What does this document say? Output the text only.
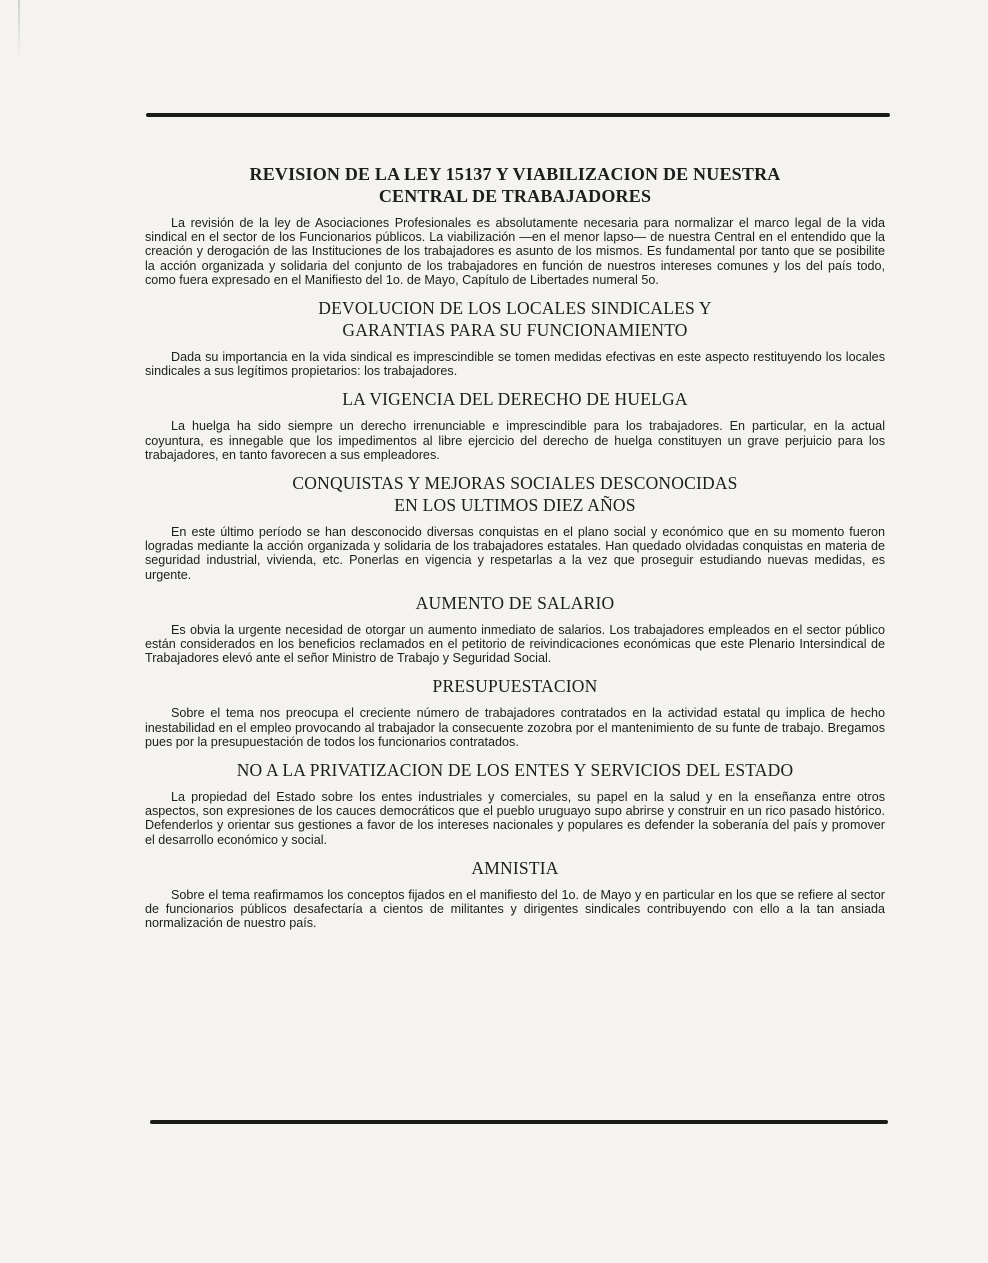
REVISION DE LA LEY 15137 Y VIABILIZACION DE NUESTRA
CENTRAL DE TRABAJADORES

La revisión de la ley de Asociaciones Profesionales es absolutamente necesaria para normalizar el marco legal de la vida sindical en el sector de los Funcionarios públicos. La viabilización —en el menor lapso— de nuestra Central en el entendido que la creación y derogación de las Instituciones de los trabajadores es asunto de los mismos. Es fundamental por tanto que se posibilite la acción organizada y solidaria del conjunto de los trabajadores en función de nuestros intereses comunes y los del país todo, como fuera expresado en el Manifiesto del 1o. de Mayo, Capítulo de Libertades numeral 5o.

DEVOLUCION DE LOS LOCALES SINDICALES Y
GARANTIAS PARA SU FUNCIONAMIENTO

Dada su importancia en la vida sindical es imprescindible se tomen medidas efectivas en este aspecto restituyendo los locales sindicales a sus legítimos propietarios: los trabajadores.

LA VIGENCIA DEL DERECHO DE HUELGA

La huelga ha sido siempre un derecho irrenunciable e imprescindible para los trabajadores. En particular, en la actual coyuntura, es innegable que los impedimentos al libre ejercicio del derecho de huelga constituyen un grave perjuicio para los trabajadores, en tanto favorecen a sus empleadores.

CONQUISTAS Y MEJORAS SOCIALES DESCONOCIDAS
EN LOS ULTIMOS DIEZ AÑOS

En este último período se han desconocido diversas conquistas en el plano social y económico que en su momento fueron logradas mediante la acción organizada y solidaria de los trabajadores estatales. Han quedado olvidadas conquistas en materia de seguridad industrial, vivienda, etc. Ponerlas en vigencia y respetarlas a la vez que proseguir estudiando nuevas medidas, es urgente.

AUMENTO DE SALARIO

Es obvia la urgente necesidad de otorgar un aumento inmediato de salarios. Los trabajadores empleados en el sector público están considerados en los beneficios reclamados en el petitorio de reivindicaciones económicas que este Plenario Intersindical de Trabajadores elevó ante el señor Ministro de Trabajo y Seguridad Social.

PRESUPUESTACION

Sobre el tema nos preocupa el creciente número de trabajadores contratados en la actividad estatal qu implica de hecho inestabilidad en el empleo provocando al trabajador la consecuente zozobra por el mantenimiento de su funte de trabajo. Bregamos pues por la presupuestación de todos los funcionarios contratados.

NO A LA PRIVATIZACION DE LOS ENTES Y SERVICIOS DEL ESTADO

La propiedad del Estado sobre los entes industriales y comerciales, su papel en la salud y en la enseñanza entre otros aspectos, son expresiones de los cauces democráticos que el pueblo uruguayo supo abrirse y construir en un rico pasado histórico. Defenderlos y orientar sus gestiones a favor de los intereses nacionales y populares es defender la soberanía del país y promover el desarrollo económico y social.

AMNISTIA

Sobre el tema reafirmamos los conceptos fijados en el manifiesto del 1o. de Mayo y en particular en los que se refiere al sector de funcionarios públicos desafectaría a cientos de militantes y dirigentes sindicales contribuyendo con ello a la tan ansiada normalización de nuestro país.
